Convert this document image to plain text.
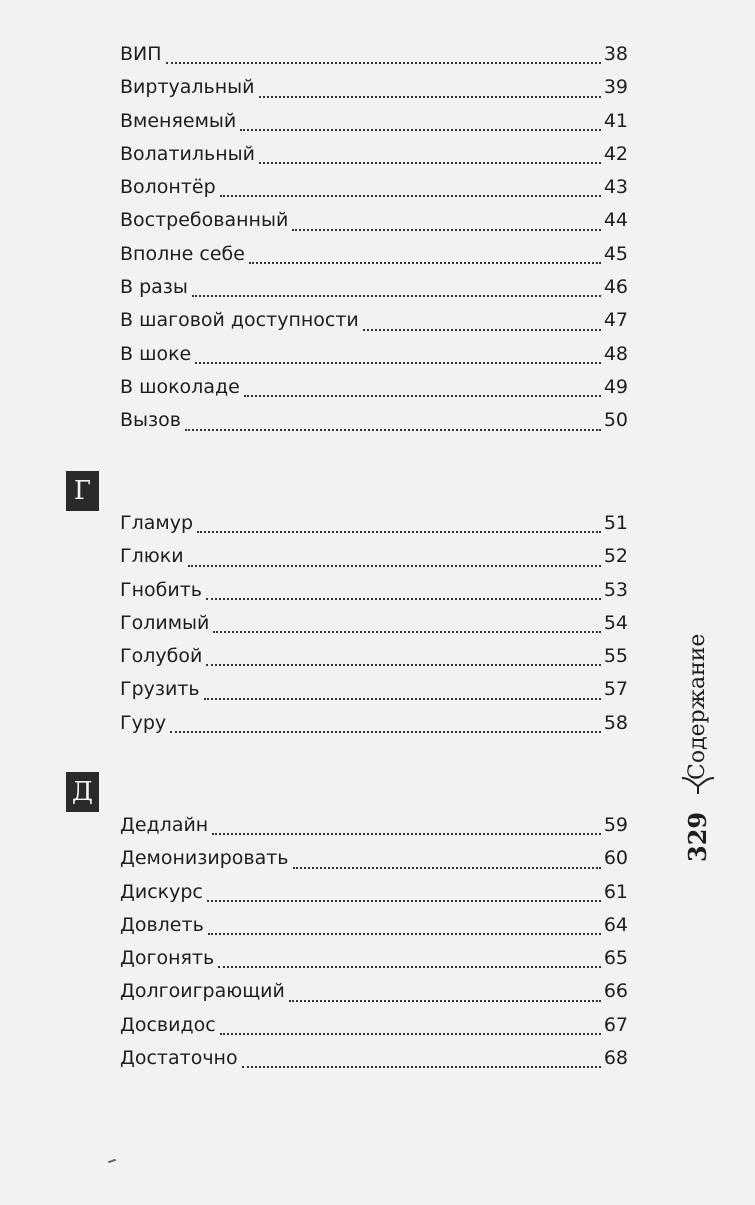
ВИП	38
Виртуальный	39
Вменяемый	41
Волатильный	42
Волонтёр	43
Востребованный	44
Вполне себе	45
В разы	46
В шаговой доступности	47
В шоке	48
В шоколаде	49
Вызов	50
Г
Гламур	51
Глюки	52
Гнобить	53
Голимый	54
Голубой	55
Грузить	57
Гуру	58
Д
Дедлайн	59
Демонизировать	60
Дискурс	61
Довлеть	64
Догонять	65
Долгоиграющий	66
Досвидос	67
Достаточно	68
Содержание
329
